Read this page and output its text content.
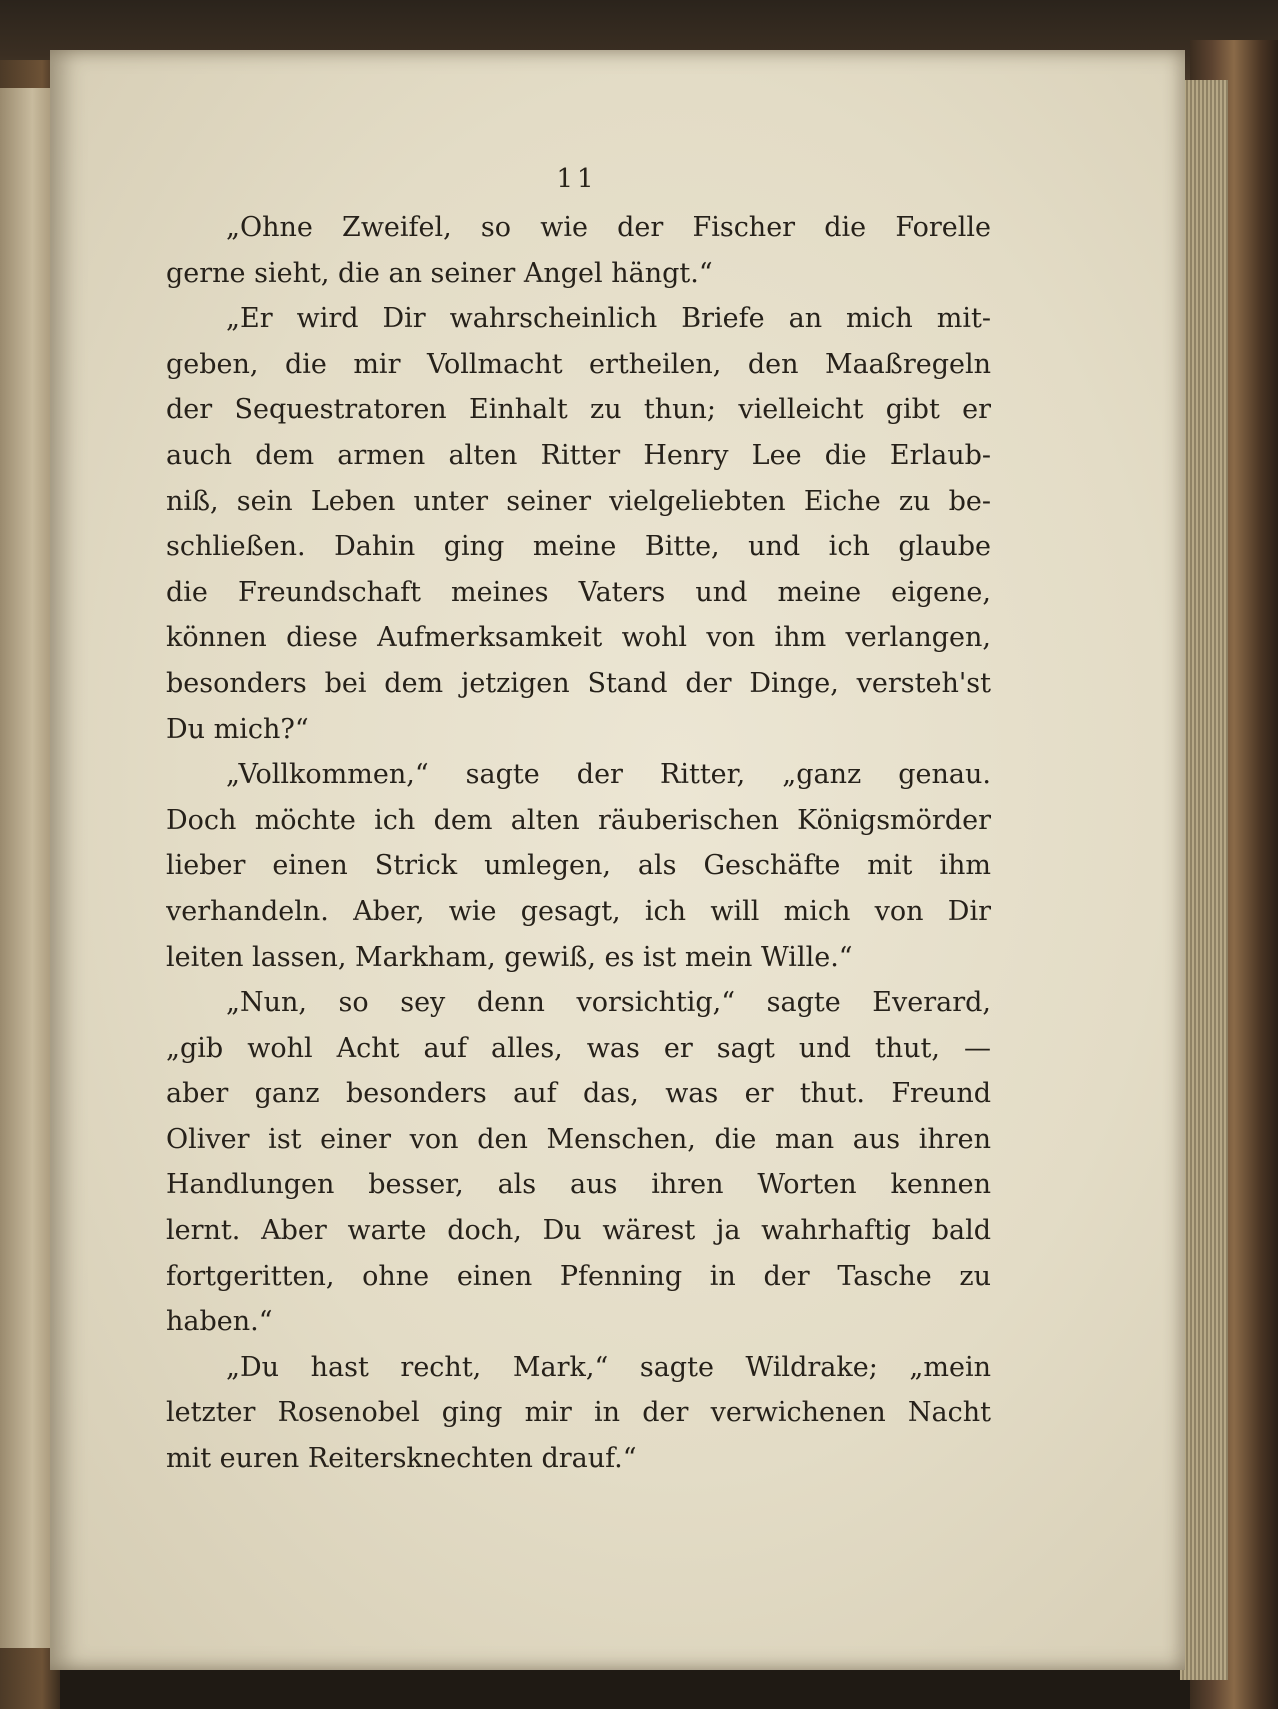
11
„Ohne Zweifel, so wie der Fischer die Forelle
gerne sieht, die an seiner Angel hängt.“
„Er wird Dir wahrscheinlich Briefe an mich mit-
geben, die mir Vollmacht ertheilen, den Maaßregeln
der Sequestratoren Einhalt zu thun; vielleicht gibt er
auch dem armen alten Ritter Henry Lee die Erlaub-
niß, sein Leben unter seiner vielgeliebten Eiche zu be-
schließen. Dahin ging meine Bitte, und ich glaube
die Freundschaft meines Vaters und meine eigene,
können diese Aufmerksamkeit wohl von ihm verlangen,
besonders bei dem jetzigen Stand der Dinge, versteh'st
Du mich?“
„Vollkommen,“ sagte der Ritter, „ganz genau.
Doch möchte ich dem alten räuberischen Königsmörder
lieber einen Strick umlegen, als Geschäfte mit ihm
verhandeln. Aber, wie gesagt, ich will mich von Dir
leiten lassen, Markham, gewiß, es ist mein Wille.“
„Nun, so sey denn vorsichtig,“ sagte Everard,
„gib wohl Acht auf alles, was er sagt und thut, —
aber ganz besonders auf das, was er thut. Freund
Oliver ist einer von den Menschen, die man aus ihren
Handlungen besser, als aus ihren Worten kennen
lernt. Aber warte doch, Du wärest ja wahrhaftig bald
fortgeritten, ohne einen Pfenning in der Tasche zu
haben.“
„Du hast recht, Mark,“ sagte Wildrake; „mein
letzter Rosenobel ging mir in der verwichenen Nacht
mit euren Reitersknechten drauf.“
